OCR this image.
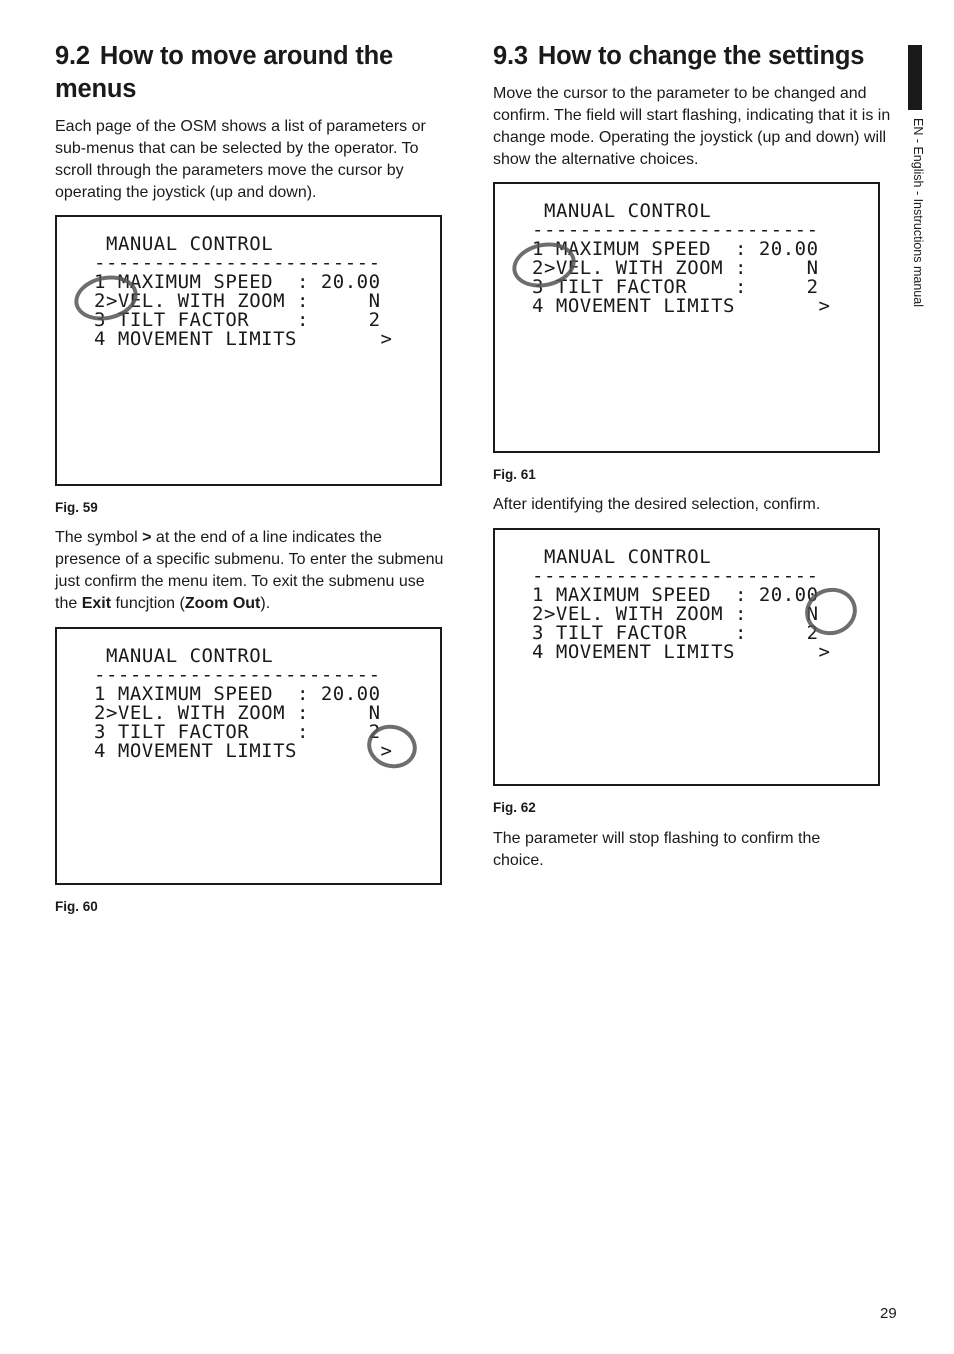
9.2 How to move around the
menus

Each page of the OSM shows a list of parameters or sub-menus that can be selected by the operator. To scroll through the parameters move the cursor by operating the joystick (up and down).

MANUAL CONTROL
------------------------
1 MAXIMUM SPEED  : 20.00
2>VEL. WITH ZOOM :     N
3 TILT FACTOR    :     2
4 MOVEMENT LIMITS       >

Fig. 59

The symbol > at the end of a line indicates the presence of a specific submenu. To enter the submenu just confirm the menu item. To exit the submenu use the Exit funcjtion (Zoom Out).

MANUAL CONTROL
------------------------
1 MAXIMUM SPEED  : 20.00
2>VEL. WITH ZOOM :     N
3 TILT FACTOR    :     2
4 MOVEMENT LIMITS       >

Fig. 60

9.3 How to change the settings

Move the cursor to the parameter to be changed and confirm. The field will start flashing, indicating that it is in change mode. Operating the joystick (up and down) will show the alternative choices.

MANUAL CONTROL
------------------------
1 MAXIMUM SPEED  : 20.00
2>VEL. WITH ZOOM :     N
3 TILT FACTOR    :     2
4 MOVEMENT LIMITS       >

Fig. 61

After identifying the desired selection, confirm.

MANUAL CONTROL
------------------------
1 MAXIMUM SPEED  : 20.00
2>VEL. WITH ZOOM :     N
3 TILT FACTOR    :     2
4 MOVEMENT LIMITS       >

Fig. 62

The parameter will stop flashing to confirm the choice.

EN - English - Instructions manual
29
